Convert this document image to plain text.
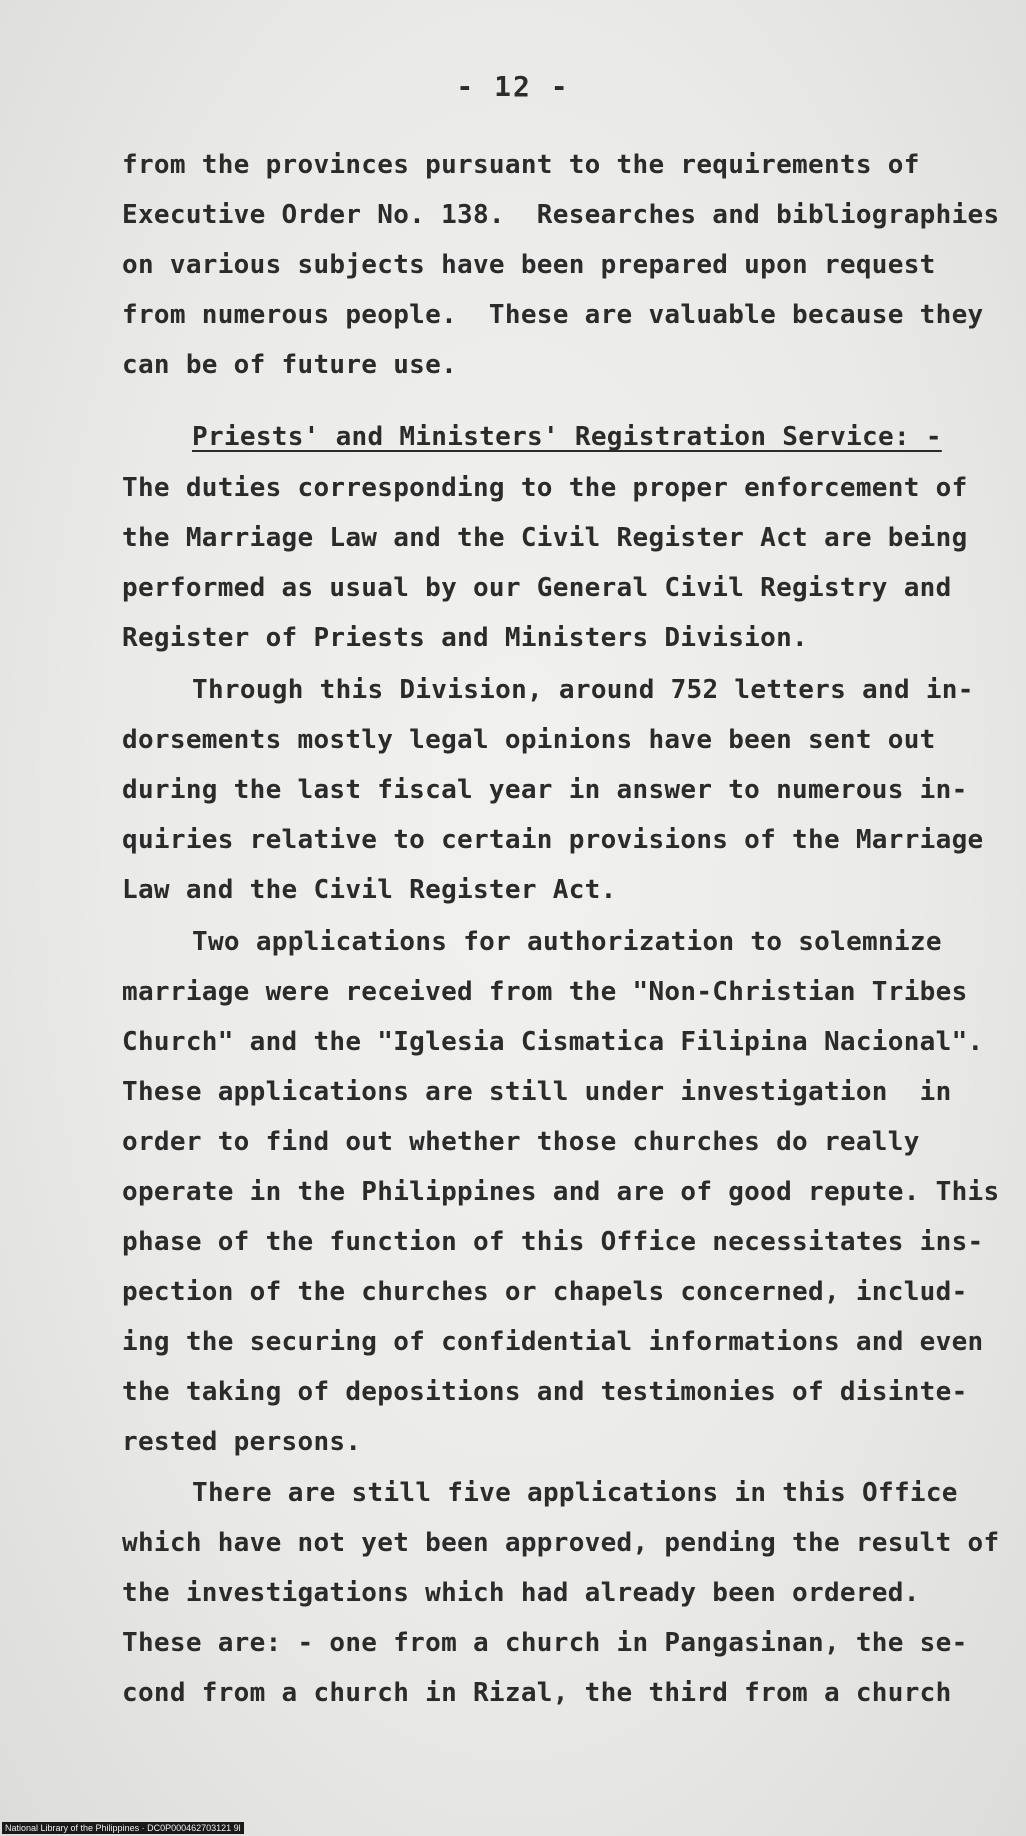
- 12 -
from the provinces pursuant to the requirements of
Executive Order No. 138.  Researches and bibliographies
on various subjects have been prepared upon request
from numerous people.  These are valuable because they
can be of future use.
Priests' and Ministers' Registration Service: -
The duties corresponding to the proper enforcement of
the Marriage Law and the Civil Register Act are being
performed as usual by our General Civil Registry and
Register of Priests and Ministers Division.
Through this Division, around 752 letters and in-
dorsements mostly legal opinions have been sent out
during the last fiscal year in answer to numerous in-
quiries relative to certain provisions of the Marriage
Law and the Civil Register Act.
Two applications for authorization to solemnize
marriage were received from the "Non-Christian Tribes
Church" and the "Iglesia Cismatica Filipina Nacional".
These applications are still under investigation  in
order to find out whether those churches do really
operate in the Philippines and are of good repute. This
phase of the function of this Office necessitates ins-
pection of the churches or chapels concerned, includ-
ing the securing of confidential informations and even
the taking of depositions and testimonies of disinte-
rested persons.
There are still five applications in this Office
which have not yet been approved, pending the result of
the investigations which had already been ordered.
These are: - one from a church in Pangasinan, the se-
cond from a church in Rizal, the third from a church
National Library of the Philippines · DC0P000462703121 9l
